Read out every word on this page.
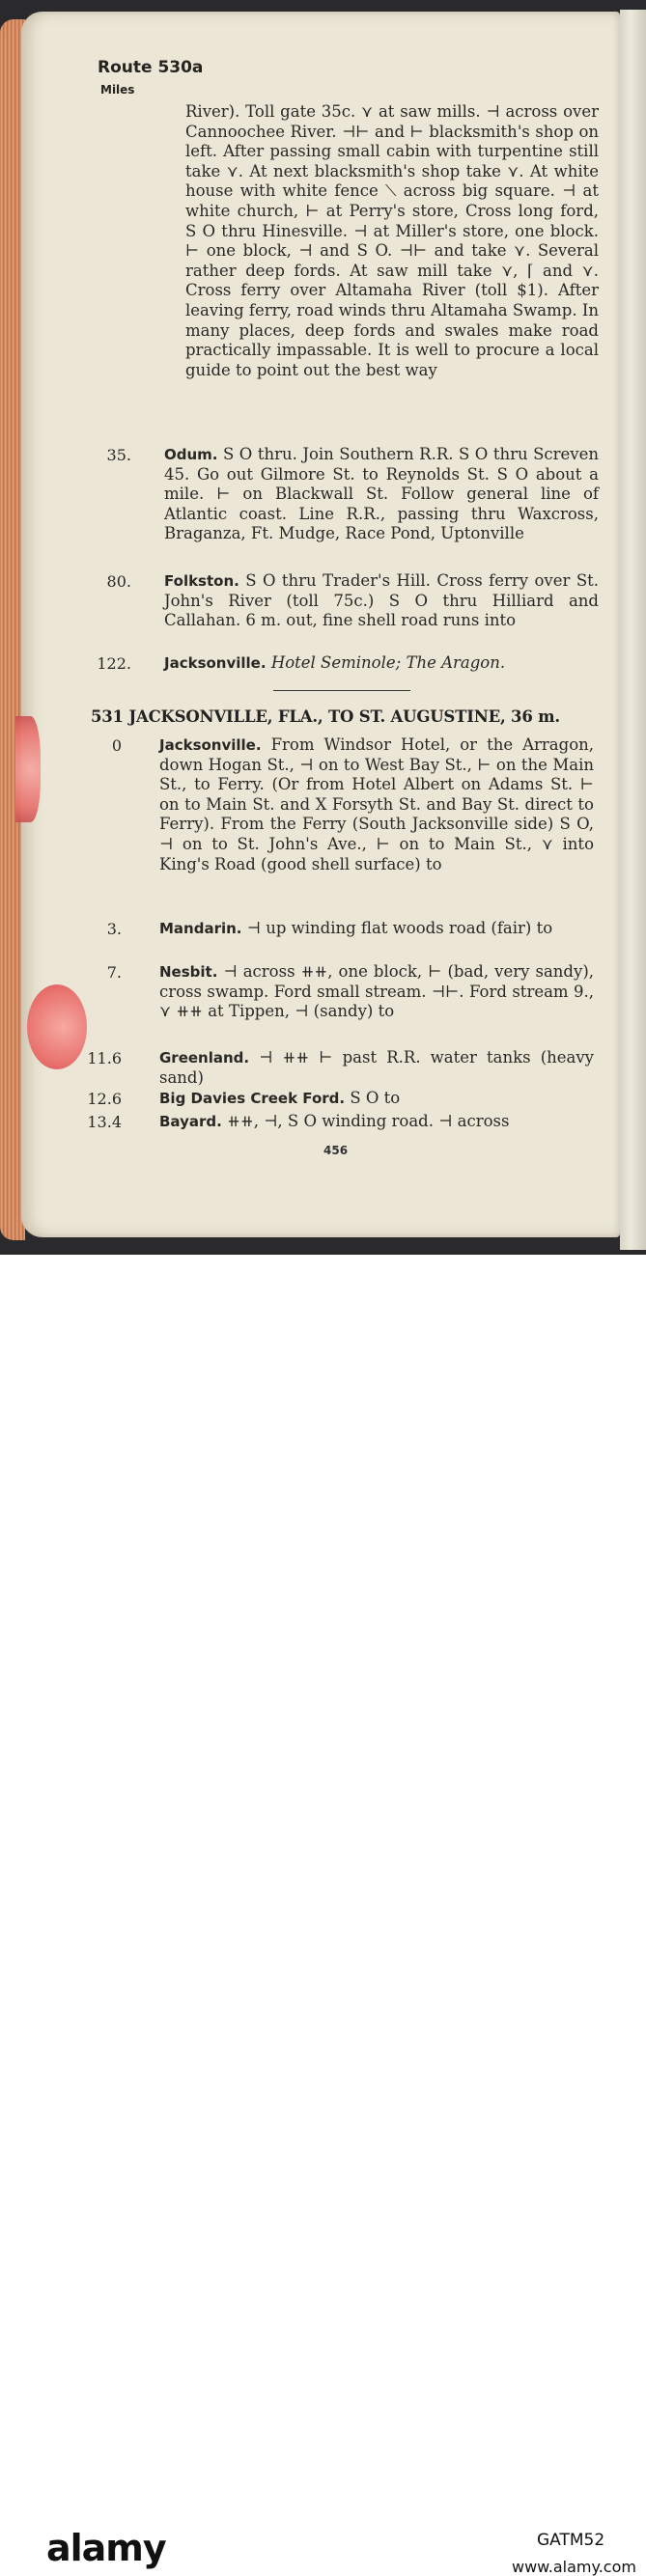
Route 530a
Miles

River). Toll gate 35c. ⋎ at saw mills. ⊣ across over Cannoochee River. ⊣⊢ and ⊢ blacksmith's shop on left. After passing small cabin with turpentine still take ⋎. At next blacksmith's shop take ⋎. At white house with white fence ⟍ across big square. ⊣ at white church, ⊢ at Perry's store, Cross long ford, S O thru Hinesville. ⊣ at Miller's store, one block. ⊢ one block, ⊣ and S O. ⊣⊢ and take ⋎. Several rather deep fords. At saw mill take ⋎, ⌈ and ⋎. Cross ferry over Altamaha River (toll $1). After leaving ferry, road winds thru Altamaha Swamp. In many places, deep fords and swales make road practically impassable. It is well to procure a local guide to point out the best way

35. Odum. S O thru. Join Southern R.R. S O thru Screven 45. Go out Gilmore St. to Reynolds St. S O about a mile. ⊢ on Blackwall St. Follow general line of Atlantic coast. Line R.R., passing thru Waxcross, Braganza, Ft. Mudge, Race Pond, Uptonville

80. Folkston. S O thru Trader's Hill. Cross ferry over St. John's River (toll 75c.) S O thru Hilliard and Callahan. 6 m. out, fine shell road runs into

122. Jacksonville. Hotel Seminole; The Aragon.

531 JACKSONVILLE, FLA., TO ST. AUGUSTINE, 36 m.
0	Jacksonville. From Windsor Hotel, or the Arragon, down Hogan St., ⊣ on to West Bay St., ⊢ on the Main St., to Ferry. (Or from Hotel Albert on Adams St. ⊢ on to Main St. and X Forsyth St. and Bay St. direct to Ferry). From the Ferry (South Jacksonville side) S O, ⊣ on to St. John's Ave., ⊢ on to Main St., ⋎ into King's Road (good shell surface) to

3.	Mandarin. ⊣ up winding flat woods road (fair) to

7.	Nesbit. ⊣ across ⧺⧺, one block, ⊢ (bad, very sandy), cross swamp. Ford small stream. ⊣⊢. Ford stream 9., ⋎ ⧺⧺ at Tippen, ⊣ (sandy) to

11.6	Greenland. ⊣ ⧺⧺ ⊢ past R.R. water tanks (heavy sand)

12.6	Big Davies Creek Ford. S O to

13.4	Bayard. ⧺⧺, ⊣, S O winding road. ⊣ across

456
alamy	GATM52
www.alamy.com
